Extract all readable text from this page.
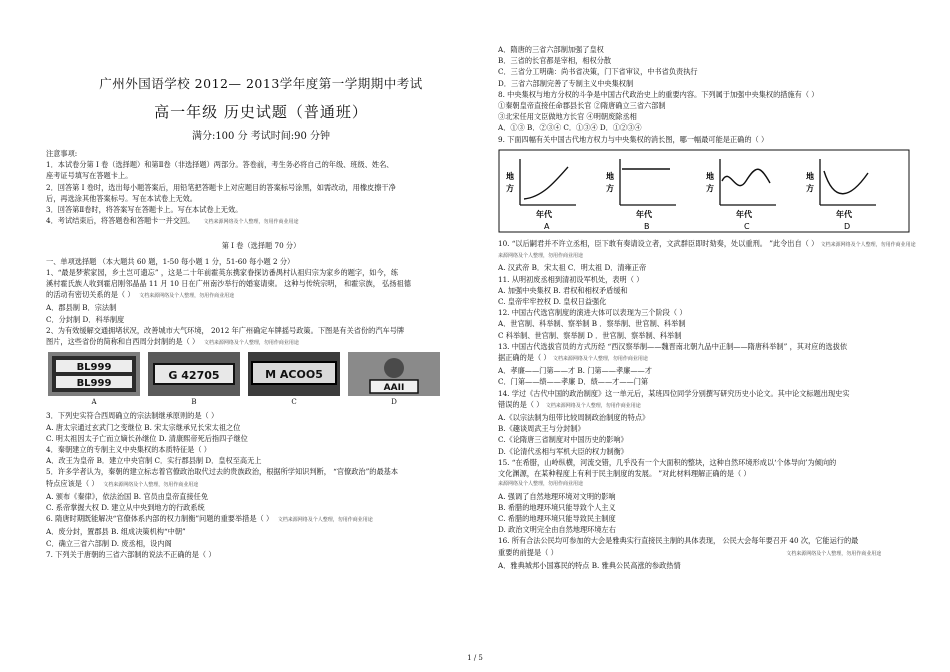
广州外国语学校 2012— 2013学年度第一学期期中考试
高一年级 历史试题（普通班）
满分:100 分 考试时间:90 分钟
注意事项:
1．本试卷分第 I 卷（选择题）和第Ⅱ卷（非选择题）两部分。答卷前，考生务必将自己的年级、班级、姓名、
座考证号填写在答题卡上。
2．回答第 I 卷时，选出每小题答案后，用铅笔把答题卡上对应题目的答案标号涂黑，如需改动，用橡皮擦干净
后，再选涂其他答案标号。写在本试卷上无效。
3．回答第Ⅱ卷时，将答案写在答题卡上。写在本试卷上无效。
4．考试结束后，将答题卷和答题卡一并交回。 文档来源网络及个人整理，勿用作商业用途
第 I 卷（选择题 70 分）
一、单项选择题 （本大题共 60 题，1-50 每小题 1 分，51-60 每小题 2 分）
1、“最是梦萦家园，乡土岂可遗忘” ，这是二十年前霍英东携家眷探访番禺村认祖归宗为家乡的题字，如今，练
溪村霍氏族人收到霍启刚邻晶晶 11 月 10 日在广州南沙举行的婚宴请柬。 这种与传统宗明， 和霍宗族， 弘扬祖德
的活动有密切关系的是（ ） 文档来源网络及个人整理，勿用作商业用途
A．郡县制 B．宗法制
C．分封制 D．科举制度
2、为有效缓解交通拥堵状况，改善城市大气环境， 2012 年广州确定车牌摇号政策。下图是有关省份的汽车号牌
图片，这些省份的简称和自西周分封制的是（ ） 文档来源网络及个人整理，勿用作商业用途
BL999
BL999
G 42705	M ACOO5
AAII
A	B	C	D
3．下列史实符合西周确立的宗法制继承原则的是（ ）
A. 唐太宗通过玄武门之变继位 B. 宋太宗继承兄长宋太祖之位
C. 明太祖因太子亡而立嫡长孙继位 D. 清康熙帝死后指四子继位
4．秦朝建立的专制主义中央集权的本质特征是（ ）
A．改王为皇帝 B．建立中央官制 C．实行郡县制 D．皇权至高无上
5．许多学者认为，秦朝的建立标志着官僚政治取代过去的贵族政治，根据所学知识判断， “官僚政治”的最基本
特点应该是（ ） 文档来源网络及个人整理，勿用作商业用途
A. 颁布《秦律》，依法治国 B. 官员由皇帝直接任免
C. 系帝掌握大权 D. 建立从中央到地方的行政系统
6. 隋唐时期既能解决“官僚体系内部的权力制衡”问题的重要举措是（ ） 文档来源网络及个人整理，勿用作商业用途
A．废分封，置郡县 B. 组成决策机构“中朝”
C．确立三省六部制 D. 废丞相，设内阁
7. 下列关于唐朝的三省六部制的说法不正确的是（ ）
A．隋唐的三省六部制加强了皇权
B．三省的长官都是宰相，相权分散
C．三省分工明确：尚书省决策，门下省审议，中书省负责执行
D．三省六部制完善了专制主义中央集权制
8. 中央集权与地方分权的斗争是中国古代政治史上的重要内容。下列属于加强中央集权的措施有（ ）
①秦朝皇帝直接任命郡县长官 ②隋唐确立三省六部制
③北宋任用文臣做地方长官 ④明朝废除丞相
A．①③ B．②③④ C．①③④ D．①②③④
9. 下面四幅有关中国古代地方权力与中央集权的消长图，哪一幅最可能是正确的（ ）
地
方
年代
A
地
方
年代
B
地
方
年代
C
地
方
年代
D
10. “以后嗣君并不许立丞相，臣下敢有奏请设立者，文武群臣即时劾奏，处以重刑。 ”此令出自（ ） 文档来源网络及个人整理，勿用作商业用途
来源网络及个人整理，勿用作商业用途
A. 汉武帝 B．宋太祖 C．明太祖 D．清雍正帝
11. 从明初废丞相到清初设军机处，表明（ ）
A. 加强中央集权 B. 君权和相权矛盾缓和
C. 皇帝牢牢控权 D. 皇权日益强化
12. 中国古代选官制度的演进大体可以表现为三个阶段（ ）
A．世官制、科举制、察举制 B ．察举制、世官制、科举制
C 科举制、世官制、察举制 D ．世官制、察举制、科举制
13. 中国古代选拔官员的方式历经 “西汉察举制——魏晋南北朝九品中正制——隋唐科举制” ，其对应的选拔依
据正确的是（ ） 文档来源网络及个人整理，勿用作商业用途
A．孝廉——门第——才 B. 门第——孝廉——才
C．门第——绩——孝廉 D．绩——才——门第
14. 学过《古代中国的政治制度》这一单元后，某班四位同学分别撰写研究历史小论文。其中论文标题出现史实
错误的是（ ） 文档来源网络及个人整理，勿用作商业用途
A.《以宗法制为纽带比较周制政治制度的特点》
B.《趣谈周武王与分封制》
C.《论隋唐三省制度对中国历史的影响》
D.《论清代丞相与军机大臣的权力制衡》
15. “在希腊，山岭纵横，河流交错，几乎没有一个大面积的整块，这种自然环境形成以‘个体导向’为倾向的
文化渊源，在某种程度上有利于民主制度的发展。 ”对此材料理解正确的是（ ）
来源网络及个人整理，勿用作商业用途
A. 强调了自然地理环境对文明的影响
B. 希腊的地理环境只能导致个人主义
C. 希腊的地理环境只能导致民主制度
D. 政治文明完全由自然地理环境左右
16. 所有合法公民均可参加的大会是雅典实行直接民主制的具体表现， 公民大会每年要召开 40 次，它能运行的最
重要的前提是（ ）	文档来源网络及个人整理，勿用作商业用途
A．雅典城邦小国寡民的特点 B. 雅典公民高涨的参政热情
1 / 5
